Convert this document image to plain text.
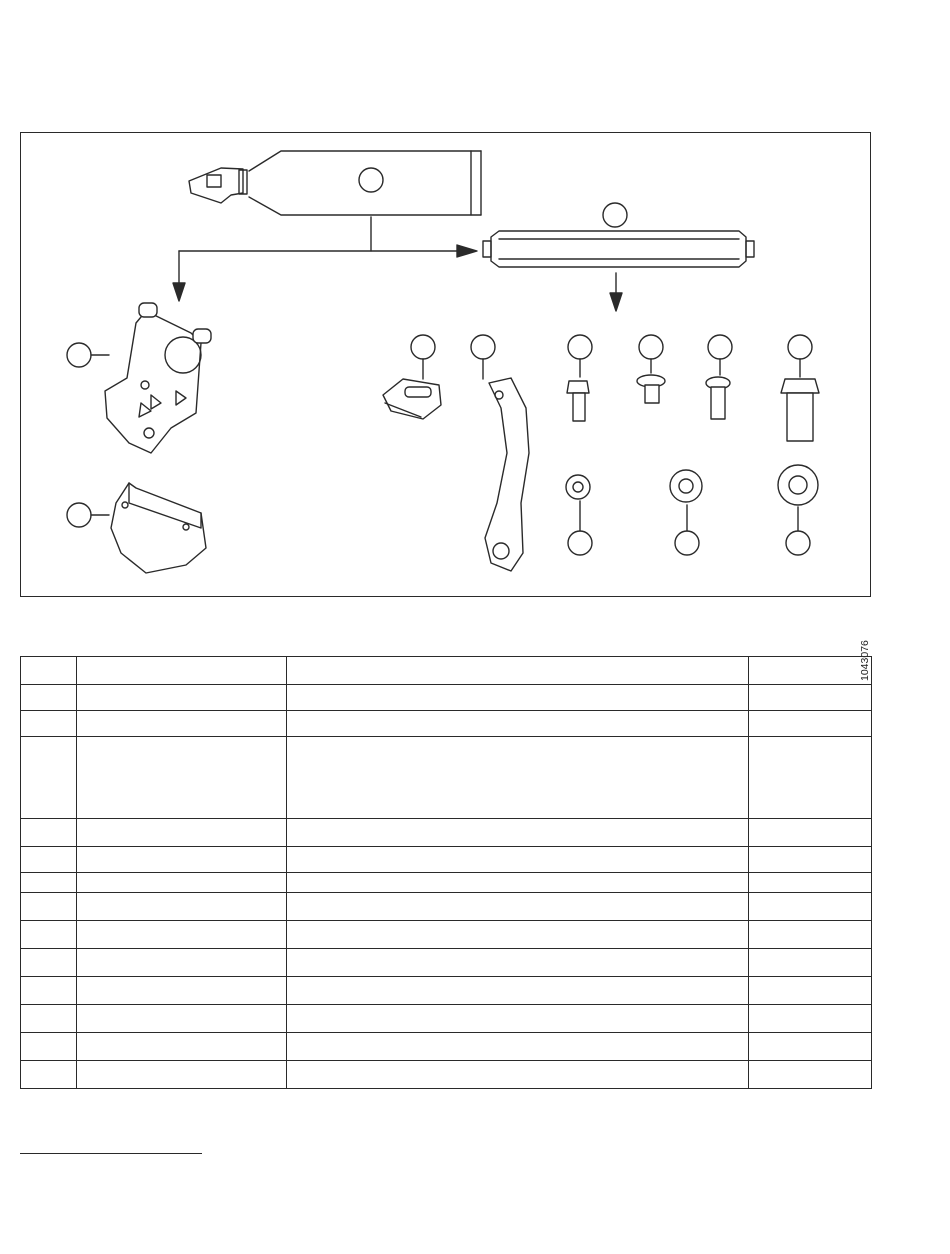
1043076
